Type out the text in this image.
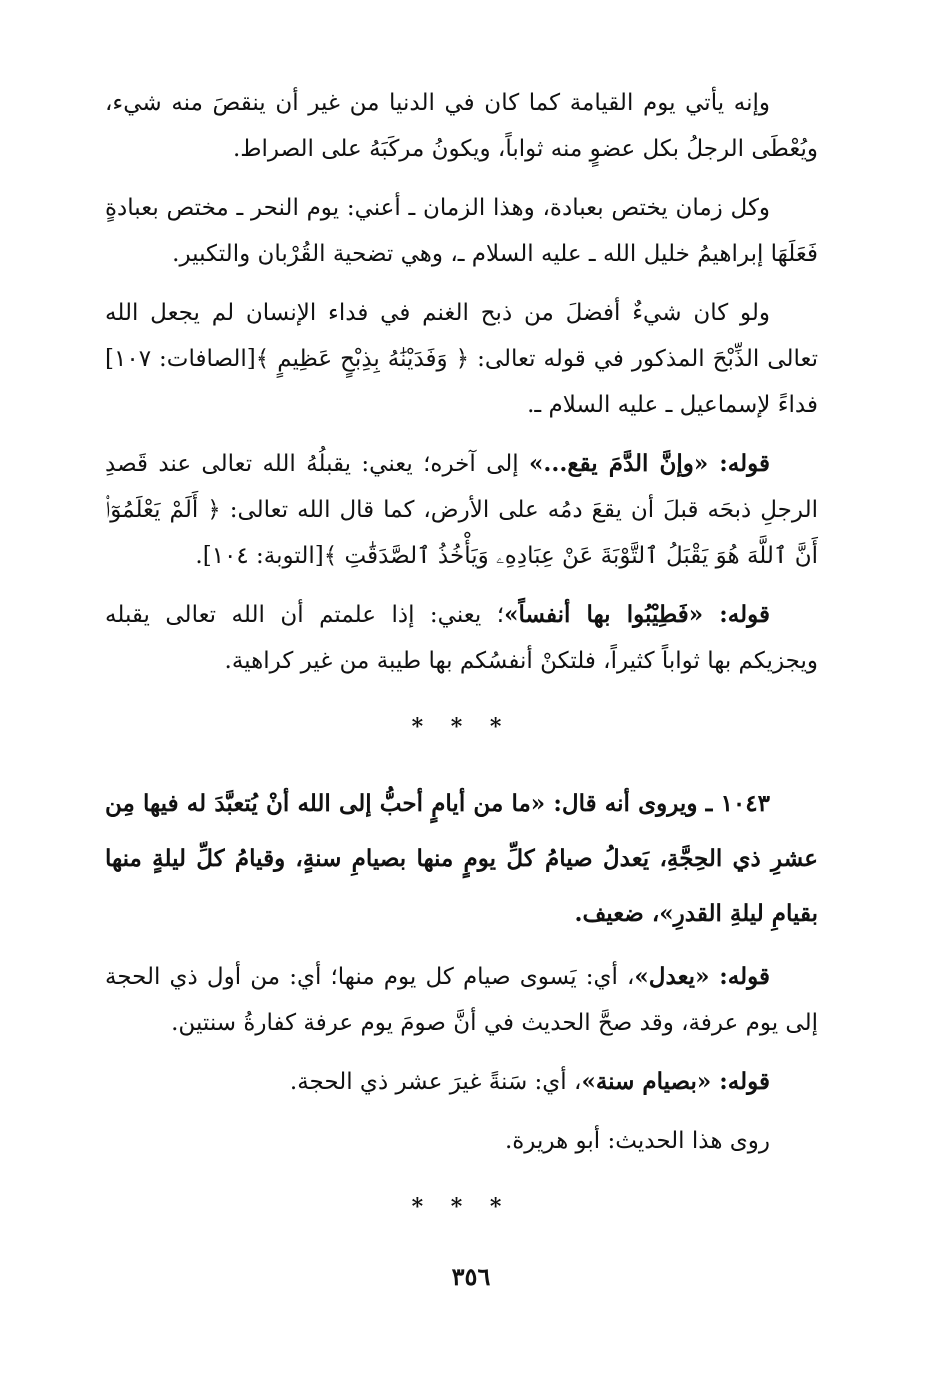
وإنه يأتي يوم القيامة كما كان في الدنيا من غير أن ينقصَ منه شيء، ويُعْطَى الرجلُ بكل عضوٍ منه ثواباً، ويكونُ مركَبَهُ على الصراط.

وكل زمان يختص بعبادة، وهذا الزمان ـ أعني: يوم النحر ـ مختص بعبادةٍ فَعَلَهَا إبراهيمُ خليل الله ـ عليه السلام ـ، وهي تضحية القُرْبان والتكبير.

ولو كان شيءٌ أفضلَ من ذبح الغنم في فداء الإنسان لم يجعل الله تعالى الذِّبْحَ المذكور في قوله تعالى: ﴿ وَفَدَيْنَٰهُ بِذِبْحٍ عَظِيمٍ ﴾[الصافات: ١٠٧] فداءً لإسماعيل ـ عليه السلام ـ.

قوله: «وإنَّ الدَّمَ يقع...» إلى آخره؛ يعني: يقبلُهُ الله تعالى عند قَصدِ الرجلِ ذبحَه قبلَ أن يقعَ دمُه على الأرض، كما قال الله تعالى: ﴿ أَلَمْ يَعْلَمُوٓا۟ أَنَّ ٱللَّهَ هُوَ يَقْبَلُ ٱلتَّوْبَةَ عَنْ عِبَادِهِۦ وَيَأْخُذُ ٱلصَّدَقَٰتِ ﴾[التوبة: ١٠٤].

قوله: «فَطِيْبُوا بها أنفساً»؛ يعني: إذا علمتم أن الله تعالى يقبله ويجزيكم بها ثواباً كثيراً، فلتكنْ أنفسُكم بها طيبة من غير كراهية.

* * *

١٠٤٣ ـ ويروى أنه قال: «ما من أيامٍ أحبُّ إلى الله أنْ يُتعبَّدَ له فيها مِن عشرِ ذي الحِجَّةِ، يَعدلُ صيامُ كلِّ يومٍ منها بصيامِ سنةٍ، وقيامُ كلِّ ليلةٍ منها بقيامِ ليلةِ القدرِ»، ضعيف.

قوله: «يعدل»، أي: يَسوى صيام كل يوم منها؛ أي: من أول ذي الحجة إلى يوم عرفة، وقد صحَّ الحديث في أنَّ صومَ يوم عرفة كفارةُ سنتين.

قوله: «بصيام سنة»، أي: سَنةً غيرَ عشر ذي الحجة.

روى هذا الحديث: أبو هريرة.

* * *
٣٥٦
